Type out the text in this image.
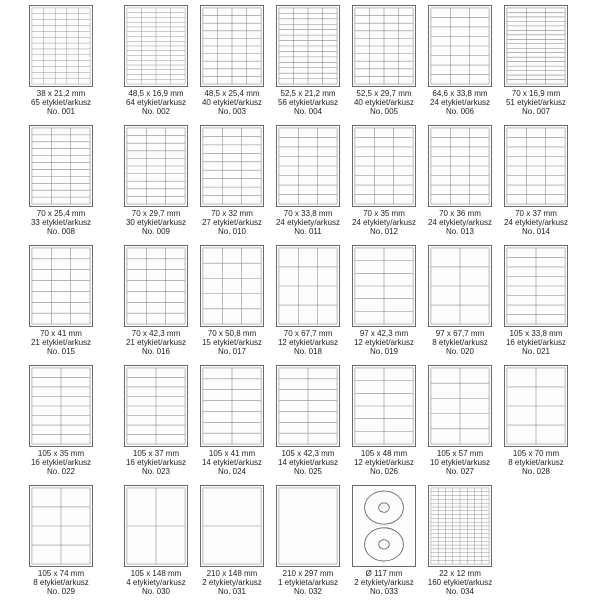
38 x 21,2 mm
65 etykiet/arkusz
No. 001
48,5 x 16,9 mm
64 etykiet/arkusz
No. 002
48,5 x 25,4 mm
40 etykiet/arkusz
No. 003
52,5 x 21,2 mm
56 etykiet/arkusz
No. 004
52,5 x 29,7 mm
40 etykiet/arkusz
No. 005
64,6 x 33,8 mm
24 etykiet/arkusz
No. 006
70 x 16,9 mm
51 etykiet/arkusz
No. 007
70 x 25,4 mm
33 etykiet/arkusz
No. 008
70 x 29,7 mm
30 etykiet/arkusz
No. 009
70 x 32 mm
27 etykiet/arkusz
No. 010
70 x 33,8 mm
24 etykiety/arkusz
No. 011
70 x 35 mm
24 etykiety/arkusz
No. 012
70 x 36 mm
24 etykiety/arkusz
No. 013
70 x 37 mm
24 etykiety/arkusz
No. 014
70 x 41 mm
21 etykiet/arkusz
No. 015
70 x 42,3 mm
21 etykiet/arkusz
No. 016
70 x 50,8 mm
15 etykiet/arkusz
No. 017
70 x 67,7 mm
12 etykiet/arkusz
No. 018
97 x 42,3 mm
12 etykiet/arkusz
No. 019
97 x 67,7 mm
8 etykiet/arkusz
No. 020
105 x 33,8 mm
16 etykiet/arkusz
No. 021
105 x 35 mm
16 etykiet/arkusz
No. 022
105 x 37 mm
16 etykiet/arkusz
No. 023
105 x 41 mm
14 etykiet/arkusz
No. 024
105 x 42,3 mm
14 etykiet/arkusz
No. 025
105 x 48 mm
12 etykiet/arkusz
No. 026
105 x 57 mm
10 etykiet/arkusz
No. 027
105 x 70 mm
8 etykiet/arkusz
No. 028
105 x 74 mm
8 etykiet/arkusz
No. 029
105 x 148 mm
4 etykiety/arkusz
No. 030
210 x 148 mm
2 etykiety/arkusz
No. 031
210 x 297 mm
1 etykieta/arkusz
No. 032
Ø 117 mm
2 etykiety/arkusz
No. 033
22 x 12 mm
160 etykiet/arkusz
No. 034
